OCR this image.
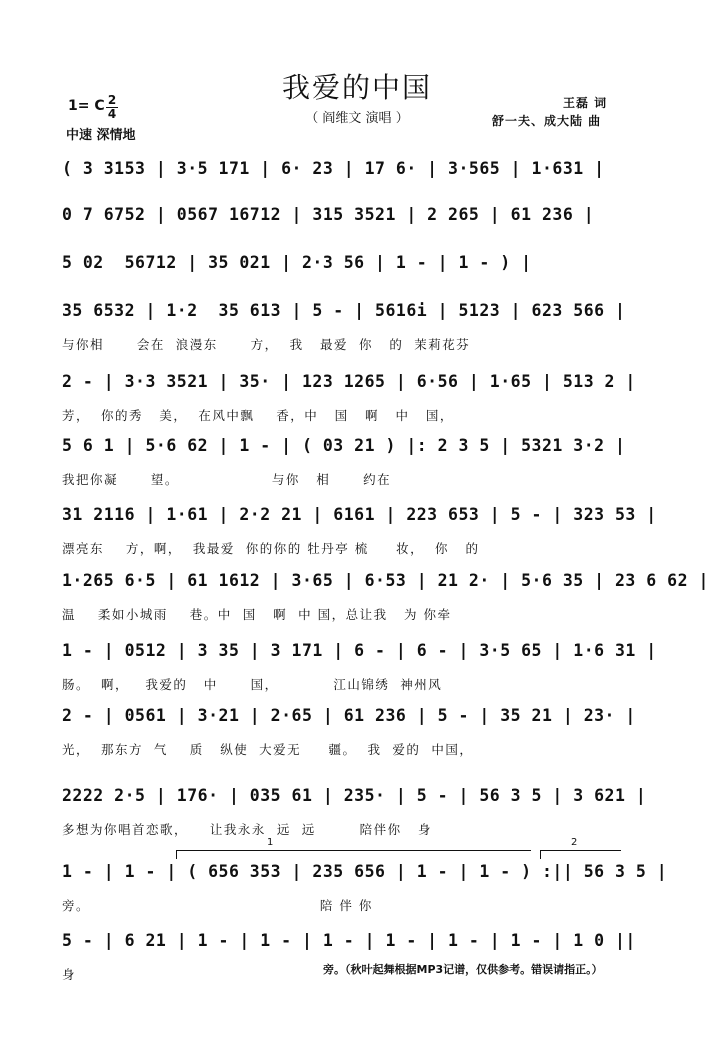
我爱的中国
（ 阎维文 演唱 ）
1= C 2
4
中速 深情地
王磊 词
舒一夫、成大陆 曲
( 3 3153 | 3·5 171 | 6· 23 | 17 6· | 3·565 | 1·631 |
0 7 6752 | 0567 16712 | 315 3521 | 2 265 | 61 236 |
5 02  56712 | 35 021 | 2·3 56 | 1 - | 1 - ) |
35 6532 | 1·2  35 613 | 5 - | 5616i | 5123 | 623 566 |
与你相      会在  浪漫东      方，  我   最爱  你   的  茉莉花芬
2 - | 3·3 3521 | 35· | 123 1265 | 6·56 | 1·65 | 513 2 |
芳，  你的秀   美，  在风中飘    香，中   国   啊   中   国，
5 6 1 | 5·6 62 | 1 - | ( 03 21 ) |: 2 3 5 | 5321 3·2 |
我把你凝      望。                 与你   相      约在
31 2116 | 1·61 | 2·2 21 | 6161 | 223 653 | 5 - | 323 53 |
漂亮东    方，啊，  我最爱  你的你的 牡丹亭 梳     妆，  你   的
1·265 6·5 | 61 1612 | 3·65 | 6·53 | 21 2· | 5·6 35 | 23 6 62 |
温    柔如小城雨    巷。中  国   啊  中 国，总让我   为 你牵
1 - | 0512 | 3 35 | 3 171 | 6 - | 6 - | 3·5 65 | 1·6 31 |
肠。  啊，   我爱的   中      国，          江山锦绣  神州风
2 - | 0561 | 3·21 | 2·65 | 61 236 | 5 - | 35 21 | 23· |
光，  那东方  气    质   纵使  大爱无     疆。  我  爱的  中国，
2222 2·5 | 176· | 035 61 | 235· | 5 - | 56 3 5 | 3 621 |
多想为你唱首恋歌，    让我永永  远  远        陪伴你   身
1	2
1 - | 1 - | ( 656 353 | 235 656 | 1 - | 1 - ) :|| 56 3 5 |
旁。                                          陪 伴 你
5 - | 6 21 | 1 - | 1 - | 1 - | 1 - | 1 - | 1 - | 1 0 ||
身	旁。（秋叶起舞根据MP3记谱，仅供参考。错误请指正。）
